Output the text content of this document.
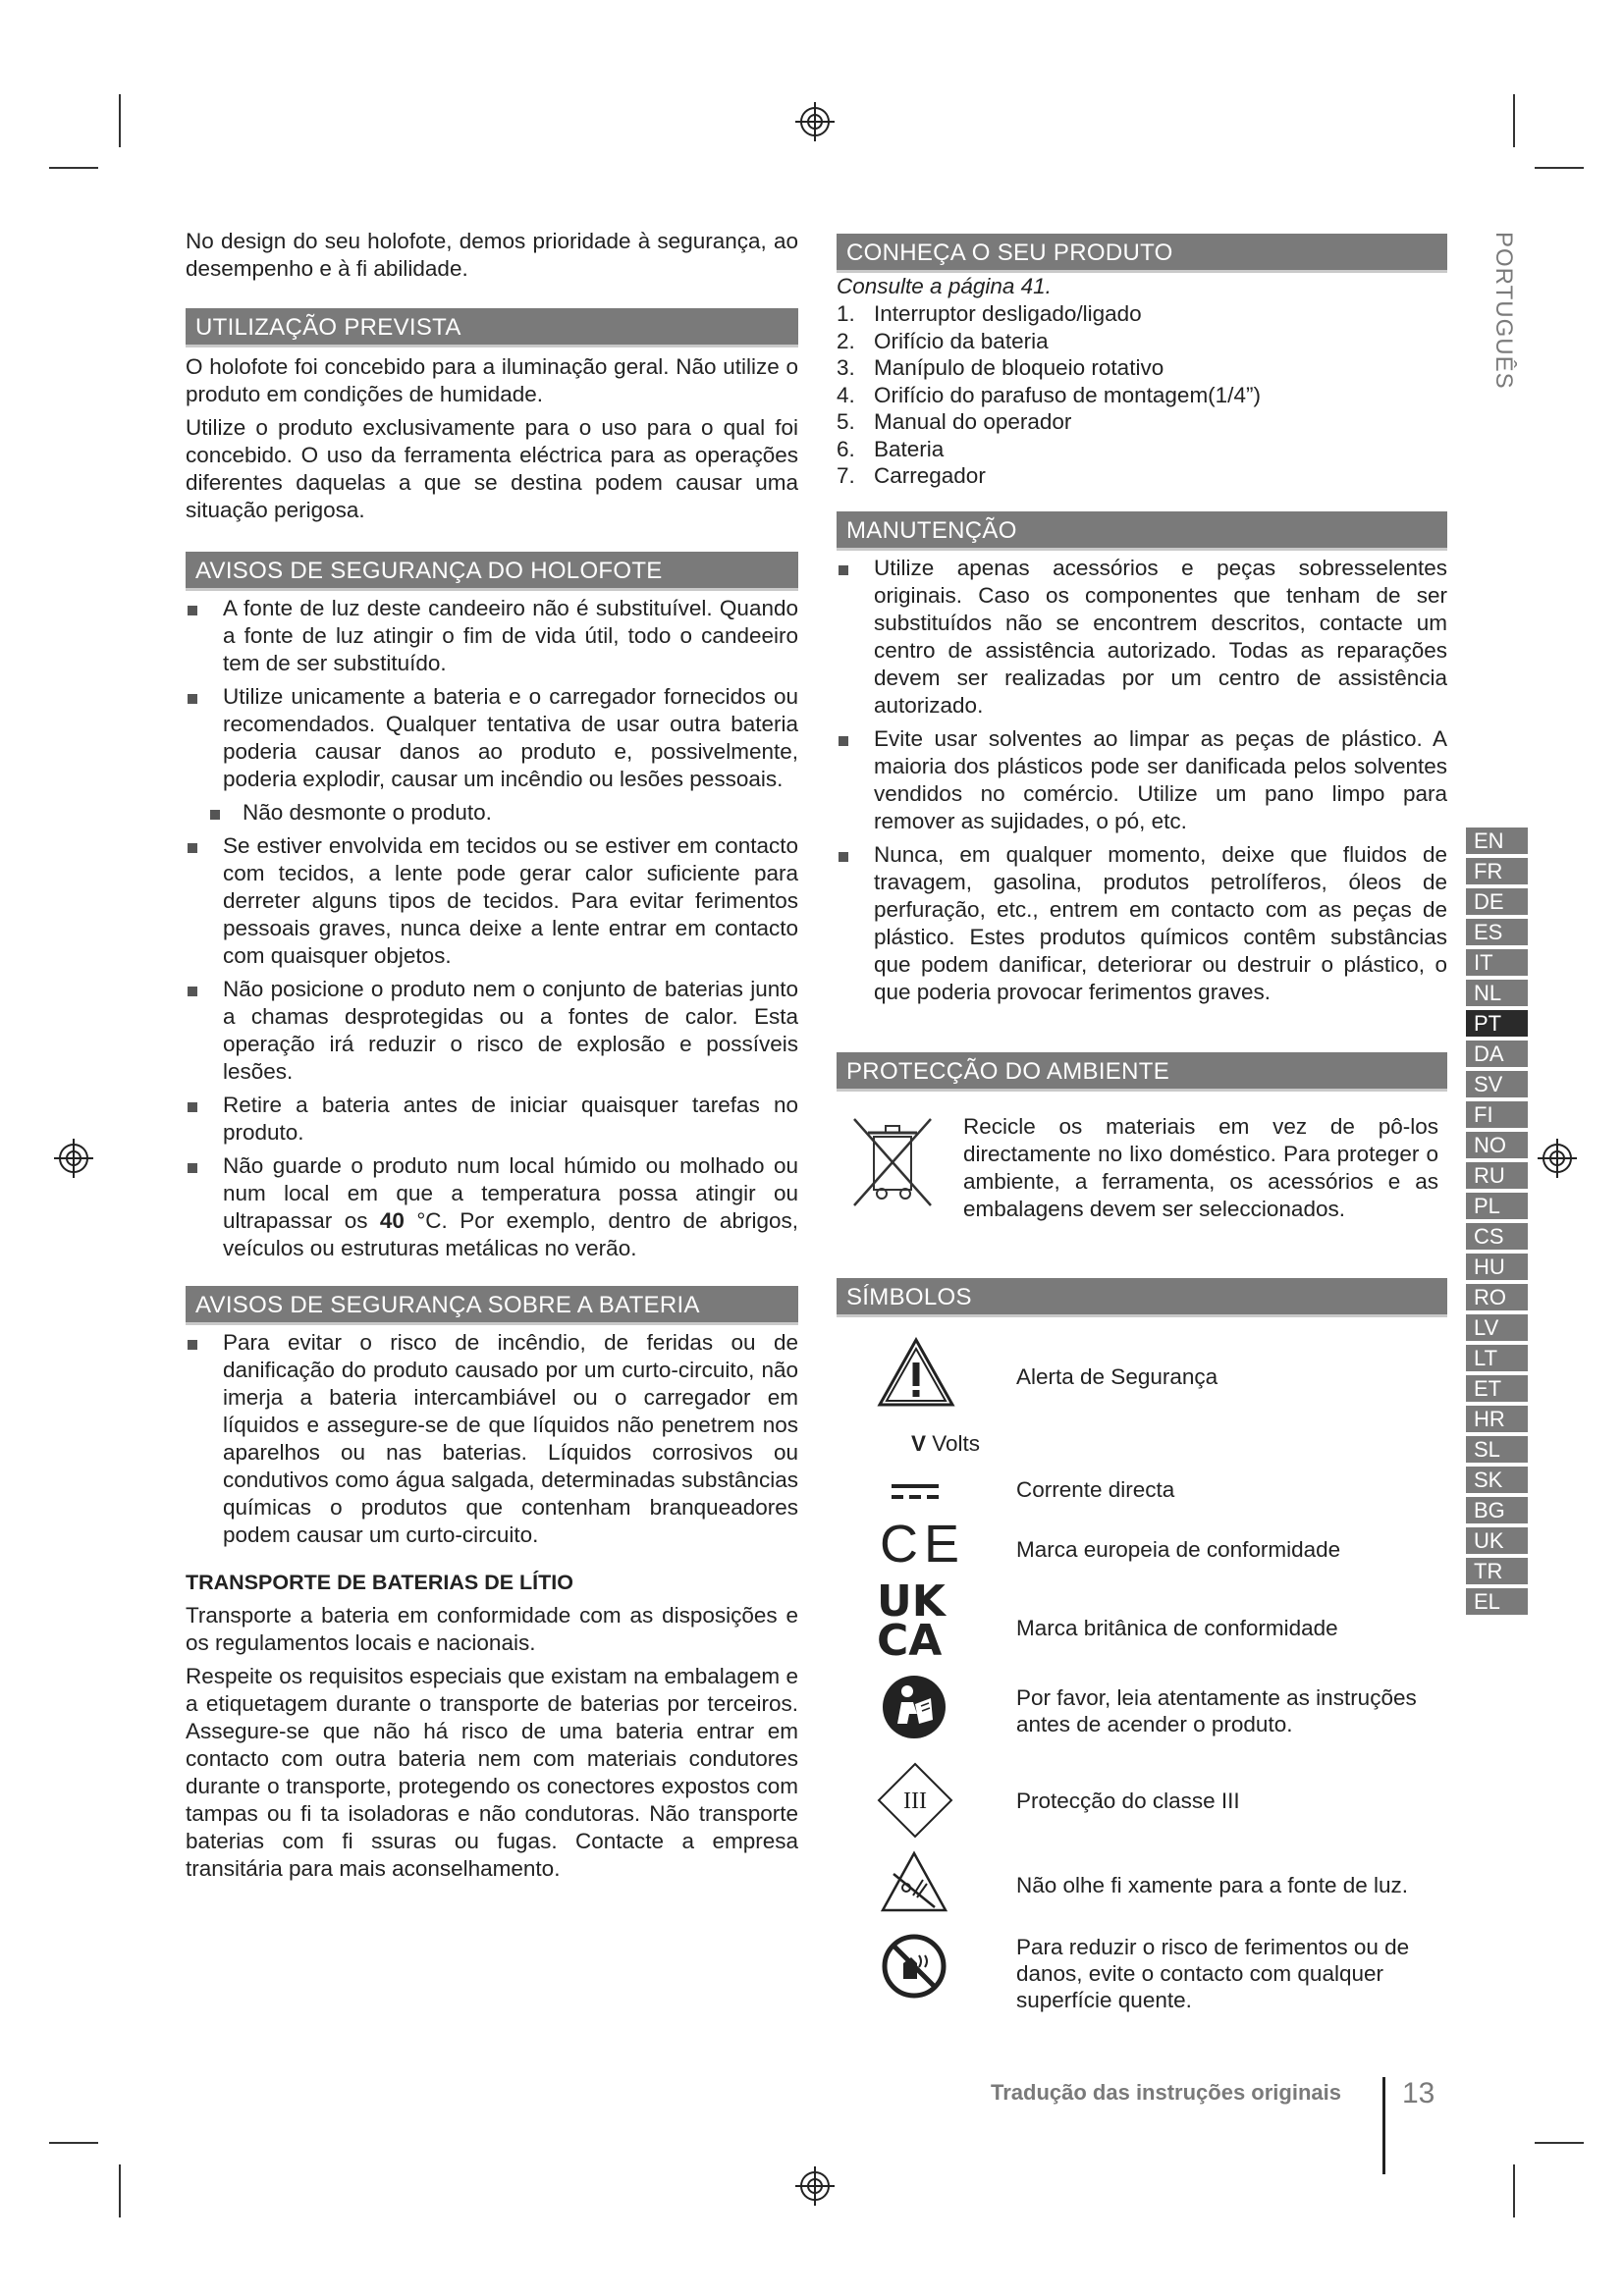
No design do seu holofote, demos prioridade à segurança, ao desempenho e à fi abilidade.

UTILIZAÇÃO PREVISTA

O holofote foi concebido para a iluminação geral. Não utilize o produto em condições de humidade.

Utilize o produto exclusivamente para o uso para o qual foi concebido. O uso da ferramenta eléctrica para as operações diferentes daquelas a que se destina podem causar uma situação perigosa.

AVISOS DE SEGURANÇA DO HOLOFOTE
A fonte de luz deste candeeiro não é substituível. Quando a fonte de luz atingir o fim de vida útil, todo o candeeiro tem de ser substituído.
Utilize unicamente a bateria e o carregador fornecidos ou recomendados. Qualquer tentativa de usar outra bateria poderia causar danos ao produto e, possivelmente, poderia explodir, causar um incêndio ou lesões pessoais.
Não desmonte o produto.
Se estiver envolvida em tecidos ou se estiver em contacto com tecidos, a lente pode gerar calor suficiente para derreter alguns tipos de tecidos. Para evitar ferimentos pessoais graves, nunca deixe a lente entrar em contacto com quaisquer objetos.
Não posicione o produto nem o conjunto de baterias junto a chamas desprotegidas ou a fontes de calor. Esta operação irá reduzir o risco de explosão e possíveis lesões.
Retire a bateria antes de iniciar quaisquer tarefas no produto.
Não guarde o produto num local húmido ou molhado ou num local em que a temperatura possa atingir ou ultrapassar os 40 °C. Por exemplo, dentro de abrigos, veículos ou estruturas metálicas no verão.
AVISOS DE SEGURANÇA SOBRE A BATERIA
Para evitar o risco de incêndio, de feridas ou de danificação do produto causado por um curto-circuito, não imerja a bateria intercambiável ou o carregador em líquidos e assegure-se de que líquidos não penetrem nos aparelhos ou nas baterias. Líquidos corrosivos ou condutivos como água salgada, determinadas substâncias químicas o produtos que contenham branqueadores podem causar um curto-circuito.
TRANSPORTE DE BATERIAS DE LÍTIO

Transporte a bateria em conformidade com as disposições e os regulamentos locais e nacionais.

Respeite os requisitos especiais que existam na embalagem e a etiquetagem durante o transporte de baterias por terceiros. Assegure-se que não há risco de uma bateria entrar em contacto com outra bateria nem com materiais condutores durante o transporte, protegendo os conectores expostos com tampas ou fi ta isoladoras e não condutoras. Não transporte baterias com fi ssuras ou fugas. Contacte a empresa transitária para mais aconselhamento.

CONHEÇA O SEU PRODUTO
Consulte a página 41.
1. Interruptor desligado/ligado
2. Orifício da bateria
3. Manípulo de bloqueio rotativo
4. Orifício do parafuso de montagem(1/4”)
5. Manual do operador
6. Bateria
7. Carregador
MANUTENÇÃO
Utilize apenas acessórios e peças sobresselentes originais. Caso os componentes que tenham de ser substituídos não se encontrem descritos, contacte um centro de assistência autorizado. Todas as reparações devem ser realizadas por um centro de assistência autorizado.
Evite usar solventes ao limpar as peças de plástico. A maioria dos plásticos pode ser danificada pelos solventes vendidos no comércio. Utilize um pano limpo para remover as sujidades, o pó, etc.
Nunca, em qualquer momento, deixe que fluidos de travagem, gasolina, produtos petrolíferos, óleos de perfuração, etc., entrem em contacto com as peças de plástico. Estes produtos químicos contêm substâncias que podem danificar, deteriorar ou destruir o plástico, o que poderia provocar ferimentos graves.
PROTECÇÃO DO AMBIENTE

Recicle os materiais em vez de pô-los directamente no lixo doméstico. Para proteger o ambiente, a ferramenta, os acessórios e as embalagens devem ser seleccionados.

SÍMBOLOS
Alerta de Segurança
V Volts
Corrente directa
CE Marca europeia de conformidade
UK
CA	Marca britânica de conformidade
Por favor, leia atentamente as instruções antes de acender o produto.
III	Protecção do classe III
Não olhe fi xamente para a fonte de luz.
Para reduzir o risco de ferimentos ou de danos, evite o contacto com qualquer superfície quente.
PORTUGUÊS
EN
FR
DE
ES
IT
NL
PT
DA
SV
FI
NO
RU
PL
CS
HU
RO
LV
LT
ET
HR
SL
SK
BG
UK
TR
EL
Tradução das instruções originais 13
